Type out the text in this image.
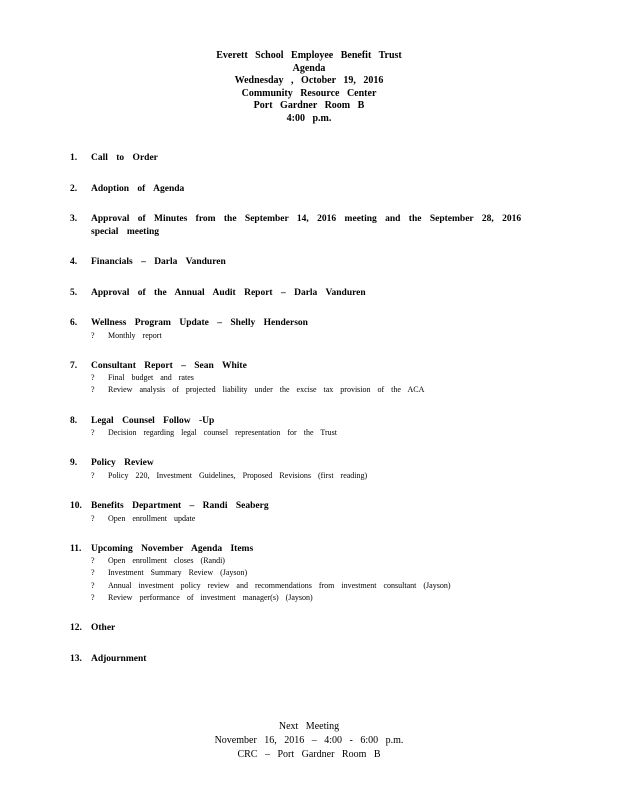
Everett School Employee Benefit Trust
Agenda
Wednesday , October 19, 2016
Community Resource Center
Port Gardner Room B
4:00 p.m.
1. Call to Order
2. Adoption of Agenda
3. Approval of Minutes from the September 14, 2016 meeting and the September 28, 2016 special meeting
4. Financials – Darla Vanduren
5. Approval of the Annual Audit Report – Darla Vanduren
6. Wellness Program Update – Shelly Henderson
? Monthly report
7. Consultant Report – Sean White
? Final budget and rates
? Review analysis of projected liability under the excise tax provision of the ACA
8. Legal Counsel Follow -Up
? Decision regarding legal counsel representation for the Trust
9. Policy Review
? Policy 220, Investment Guidelines, Proposed Revisions (first reading)
10. Benefits Department – Randi Seaberg
? Open enrollment update
11. Upcoming November Agenda Items
? Open enrollment closes (Randi)
? Investment Summary Review (Jayson)
? Annual investment policy review and recommendations from investment consultant (Jayson)
? Review performance of investment manager(s) (Jayson)
12. Other
13. Adjournment
Next Meeting
November 16, 2016 – 4:00 - 6:00 p.m.
CRC – Port Gardner Room B
